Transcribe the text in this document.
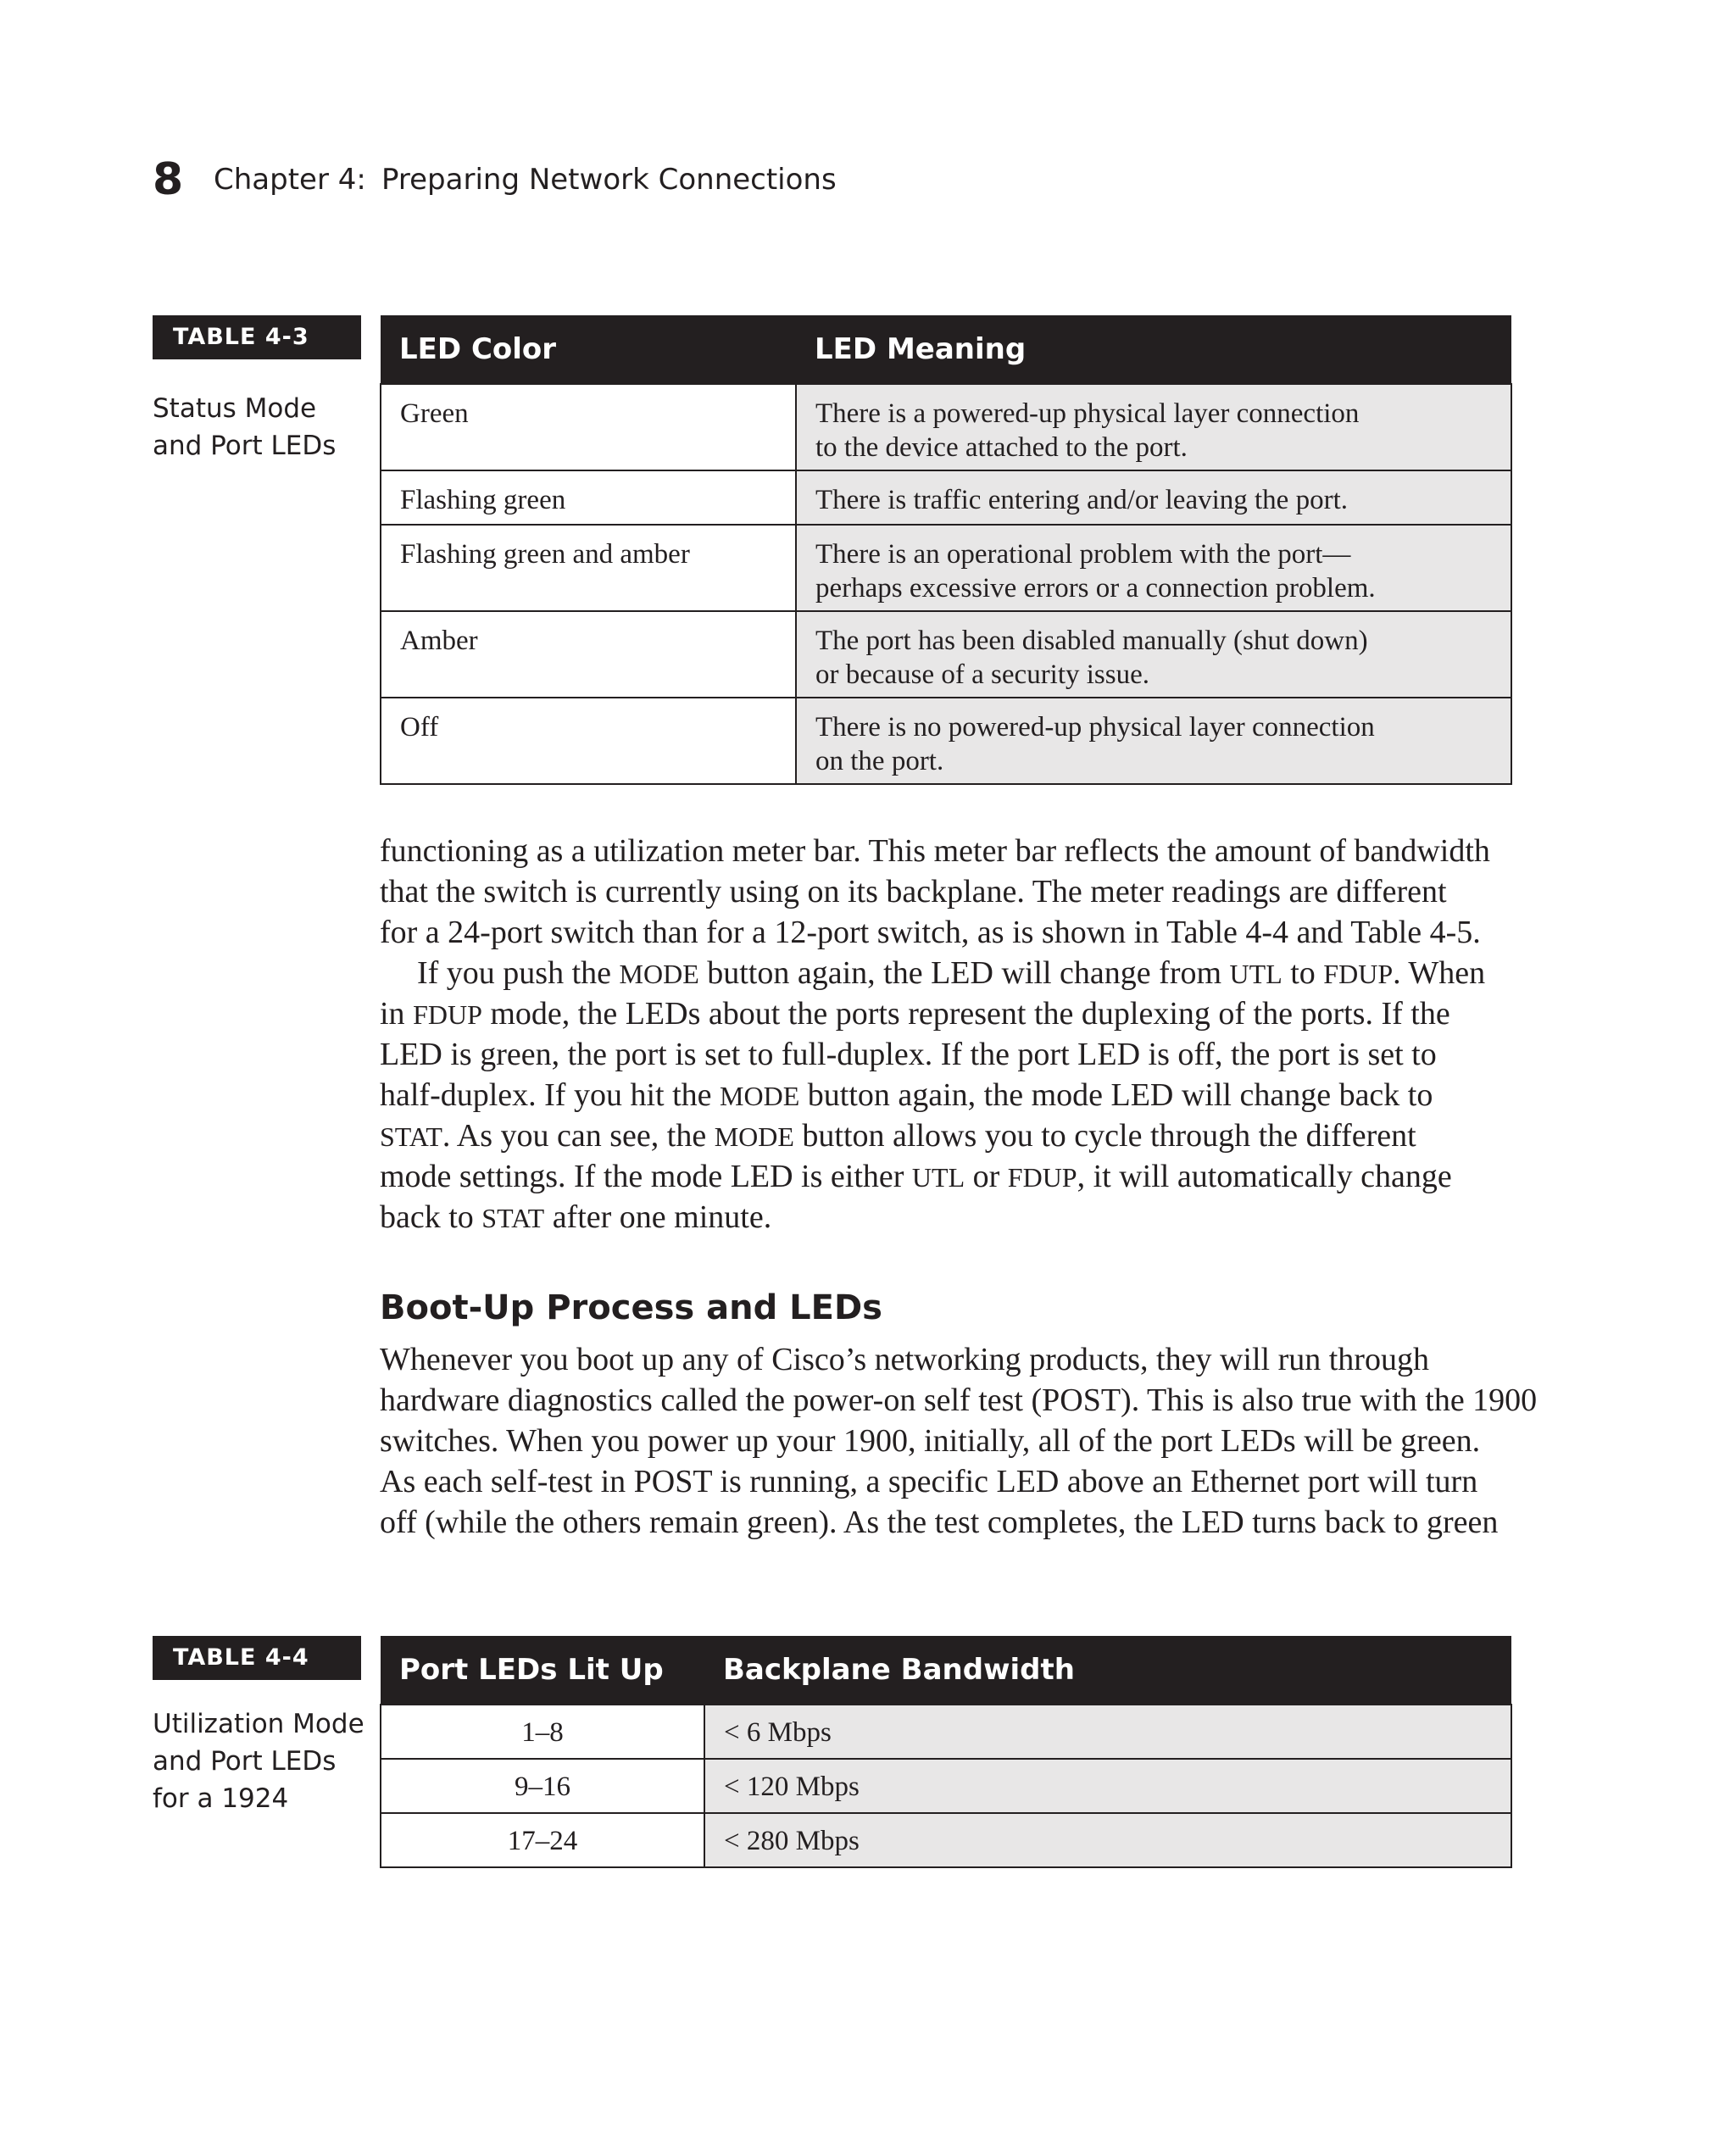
8 Chapter 4: Preparing Network Connections
TABLE 4-3
Status Mode
and Port LEDs
LED Color	LED Meaning
Green	There is a powered-up physical layer connection
to the device attached to the port.

Flashing green	There is traffic entering and/or leaving the port.

Flashing green and amber	There is an operational problem with the port—
perhaps excessive errors or a connection problem.

Amber	The port has been disabled manually (shut down)
or because of a security issue.

Off	There is no powered-up physical layer connection
on the port.
functioning as a utilization meter bar. This meter bar reflects the amount of bandwidth
that the switch is currently using on its backplane. The meter readings are different
for a 24-port switch than for a 12-port switch, as is shown in Table 4-4 and Table 4-5.
If you push the MODE button again, the LED will change from UTL to FDUP. When
in FDUP mode, the LEDs about the ports represent the duplexing of the ports. If the
LED is green, the port is set to full-duplex. If the port LED is off, the port is set to
half-duplex. If you hit the MODE button again, the mode LED will change back to
STAT. As you can see, the MODE button allows you to cycle through the different
mode settings. If the mode LED is either UTL or FDUP, it will automatically change
back to STAT after one minute.
Boot-Up Process and LEDs
Whenever you boot up any of Cisco’s networking products, they will run through
hardware diagnostics called the power-on self test (POST). This is also true with the 1900
switches. When you power up your 1900, initially, all of the port LEDs will be green.
As each self-test in POST is running, a specific LED above an Ethernet port will turn
off (while the others remain green). As the test completes, the LED turns back to green
TABLE 4-4
Utilization Mode
and Port LEDs
for a 1924
Port LEDs Lit Up	Backplane Bandwidth
1–8	< 6 Mbps
9–16	< 120 Mbps
17–24	< 280 Mbps
